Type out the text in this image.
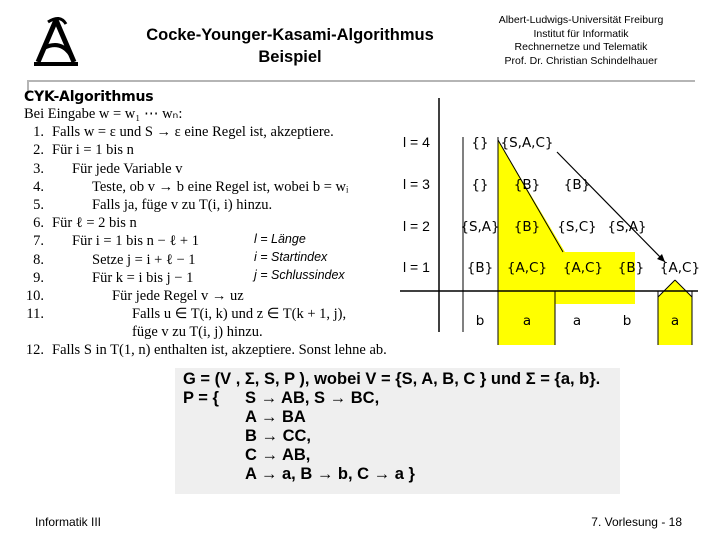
Cocke-Younger-Kasami-Algorithmus
Beispiel
Albert-Ludwigs-Universität Freiburg
Institut für Informatik
Rechnernetze und Telematik
Prof. Dr. Christian Schindelhauer
CYK-Algorithmus
Bei Eingabe w = w₁ ⋯ wₙ:
1. Falls w = ε und S → ε eine Regel ist, akzeptiere.
2. Für i = 1 bis n
3. Für jede Variable v
4.	Teste, ob v → b eine Regel ist, wobei b = wᵢ
5.	Falls ja, füge v zu T(i, i) hinzu.
6. Für ℓ = 2 bis n
7. Für i = 1 bis n − ℓ + 1
8.	Setze j = i + ℓ − 1
9.	Für k = i bis j − 1
10.	Für jede Regel v → uz
11.	Falls u ∈ T(i, k) und z ∈ T(k + 1, j),
füge v zu T(i, j) hinzu.
12. Falls S in T(1, n) enthalten ist, akzeptiere. Sonst lehne ab.
l = Länge
i = Startindex
j = Schlussindex
l = 4
l = 3
l = 2
l = 1
{} {S,A,C}
{} {B} {B}
{S,A} {B} {S,C} {S,A}
{B} {A,C} {A,C} {B} {A,C}
b	a	a	b	a
G = (V , Σ, S, P ), wobei V = {S, A, B, C } und Σ = {a, b}.
P = { S → AB, S → BC,
A → BA
B → CC,
C → AB,
A → a, B → b, C → a }
Informatik III	7. Vorlesung - 18
